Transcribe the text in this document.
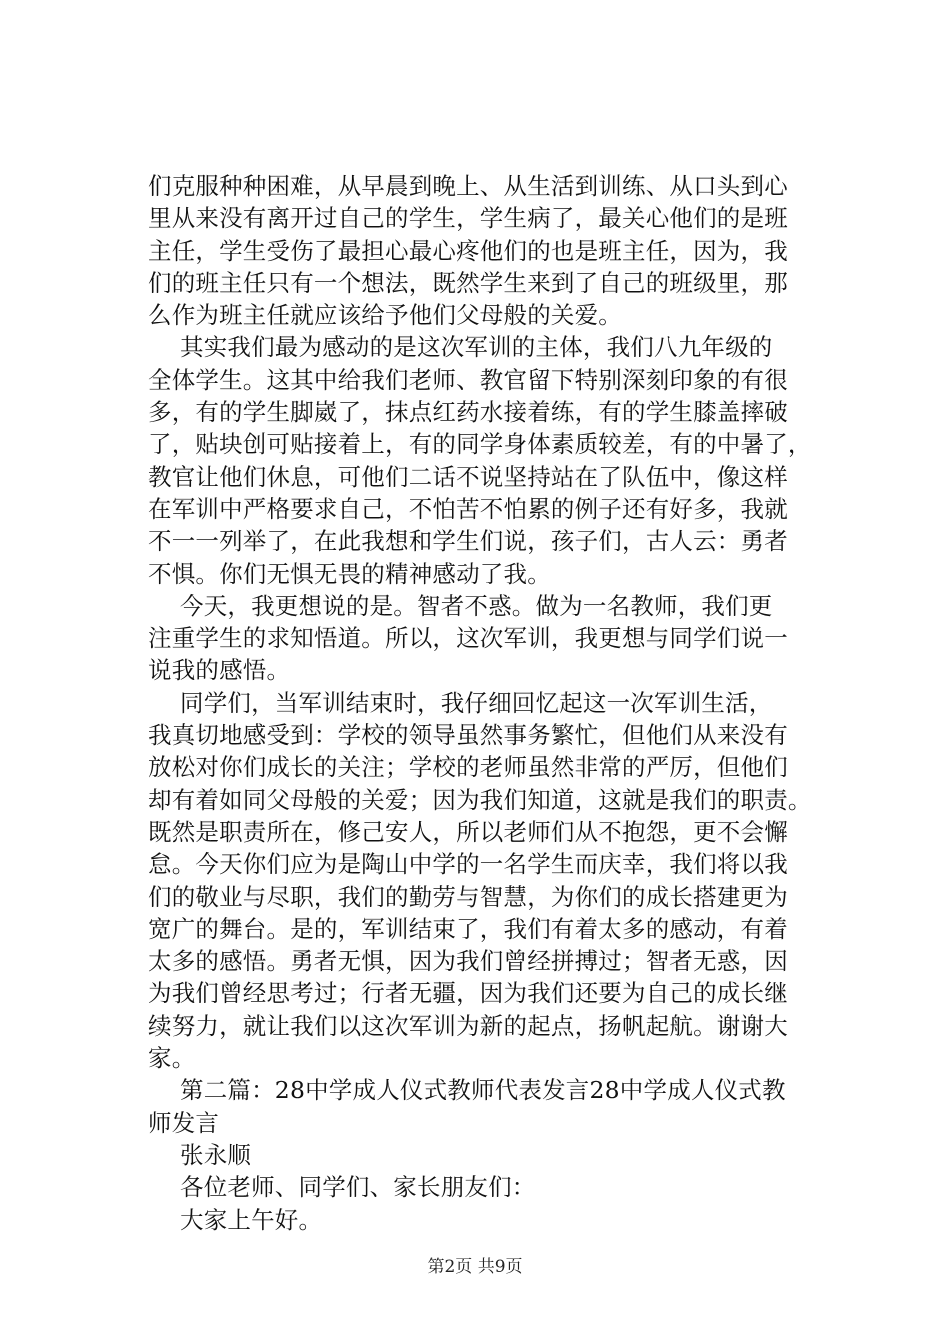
们克服种种困难，从早晨到晚上、从生活到训练、从口头到心
里从来没有离开过自己的学生，学生病了，最关心他们的是班
主任，学生受伤了最担心最心疼他们的也是班主任，因为，我
们的班主任只有一个想法，既然学生来到了自己的班级里，那
么作为班主任就应该给予他们父母般的关爱。
其实我们最为感动的是这次军训的主体，我们八九年级的
全体学生。这其中给我们老师、教官留下特别深刻印象的有很
多，有的学生脚崴了，抹点红药水接着练，有的学生膝盖摔破
了，贴块创可贴接着上，有的同学身体素质较差，有的中暑了，
教官让他们休息，可他们二话不说坚持站在了队伍中，像这样
在军训中严格要求自己，不怕苦不怕累的例子还有好多，我就
不一一列举了，在此我想和学生们说，孩子们，古人云：勇者
不惧。你们无惧无畏的精神感动了我。
今天，我更想说的是。智者不惑。做为一名教师，我们更
注重学生的求知悟道。所以，这次军训，我更想与同学们说一
说我的感悟。
同学们，当军训结束时，我仔细回忆起这一次军训生活，
我真切地感受到：学校的领导虽然事务繁忙，但他们从来没有
放松对你们成长的关注；学校的老师虽然非常的严厉，但他们
却有着如同父母般的关爱；因为我们知道，这就是我们的职责。
既然是职责所在，修己安人，所以老师们从不抱怨，更不会懈
怠。今天你们应为是陶山中学的一名学生而庆幸，我们将以我
们的敬业与尽职，我们的勤劳与智慧，为你们的成长搭建更为
宽广的舞台。是的，军训结束了，我们有着太多的感动，有着
太多的感悟。勇者无惧，因为我们曾经拼搏过；智者无惑，因
为我们曾经思考过；行者无疆，因为我们还要为自己的成长继
续努力，就让我们以这次军训为新的起点，扬帆起航。谢谢大
家。
第二篇：28中学成人仪式教师代表发言28中学成人仪式教
师发言
张永顺
各位老师、同学们、家长朋友们：
大家上午好。
第2页 共9页
